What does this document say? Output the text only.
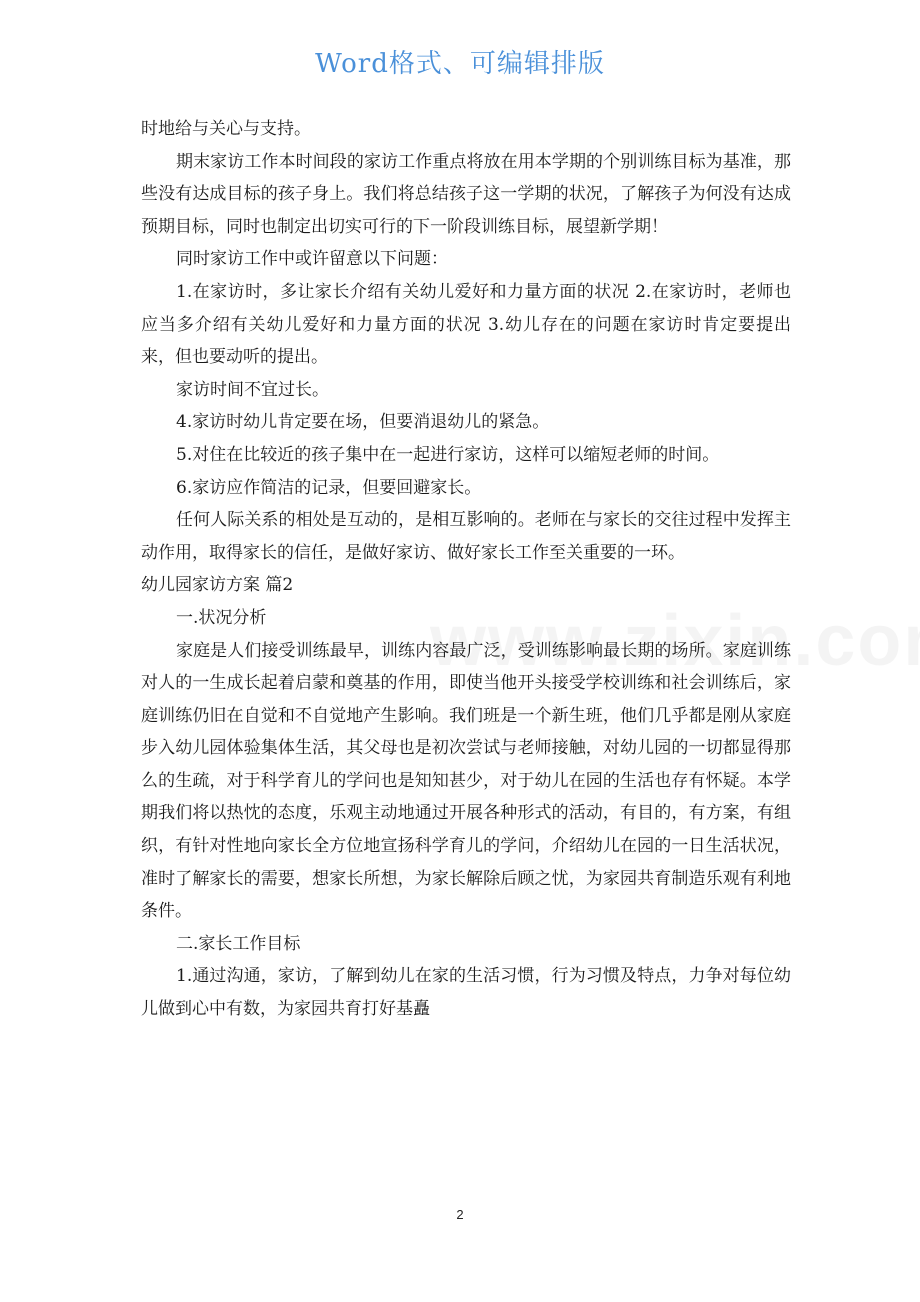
Word格式、可编辑排版

时地给与关心与支持。

期末家访工作本时间段的家访工作重点将放在用本学期的个别训练目标为基准，那些没有达成目标的孩子身上。我们将总结孩子这一学期的状况，了解孩子为何没有达成预期目标，同时也制定出切实可行的下一阶段训练目标，展望新学期！

同时家访工作中或许留意以下问题：

1.在家访时，多让家长介绍有关幼儿爱好和力量方面的状况 2.在家访时，老师也应当多介绍有关幼儿爱好和力量方面的状况 3.幼儿存在的问题在家访时肯定要提出来，但也要动听的提出。

家访时间不宜过长。

4.家访时幼儿肯定要在场，但要消退幼儿的紧急。

5.对住在比较近的孩子集中在一起进行家访，这样可以缩短老师的时间。

6.家访应作简洁的记录，但要回避家长。

任何人际关系的相处是互动的，是相互影响的。老师在与家长的交往过程中发挥主动作用，取得家长的信任，是做好家访、做好家长工作至关重要的一环。

幼儿园家访方案 篇2

一.状况分析

家庭是人们接受训练最早，训练内容最广泛，受训练影响最长期的场所。家庭训练对人的一生成长起着启蒙和奠基的作用，即使当他开头接受学校训练和社会训练后，家庭训练仍旧在自觉和不自觉地产生影响。我们班是一个新生班，他们几乎都是刚从家庭步入幼儿园体验集体生活，其父母也是初次尝试与老师接触，对幼儿园的一切都显得那么的生疏，对于科学育儿的学问也是知知甚少，对于幼儿在园的生活也存有怀疑。本学期我们将以热忱的态度，乐观主动地通过开展各种形式的活动，有目的，有方案，有组织，有针对性地向家长全方位地宣扬科学育儿的学问，介绍幼儿在园的一日生活状况，准时了解家长的需要，想家长所想，为家长解除后顾之忧，为家园共育制造乐观有利地条件。

二.家长工作目标

1.通过沟通，家访，了解到幼儿在家的生活习惯，行为习惯及特点，力争对每位幼儿做到心中有数，为家园共育打好基矗

2
